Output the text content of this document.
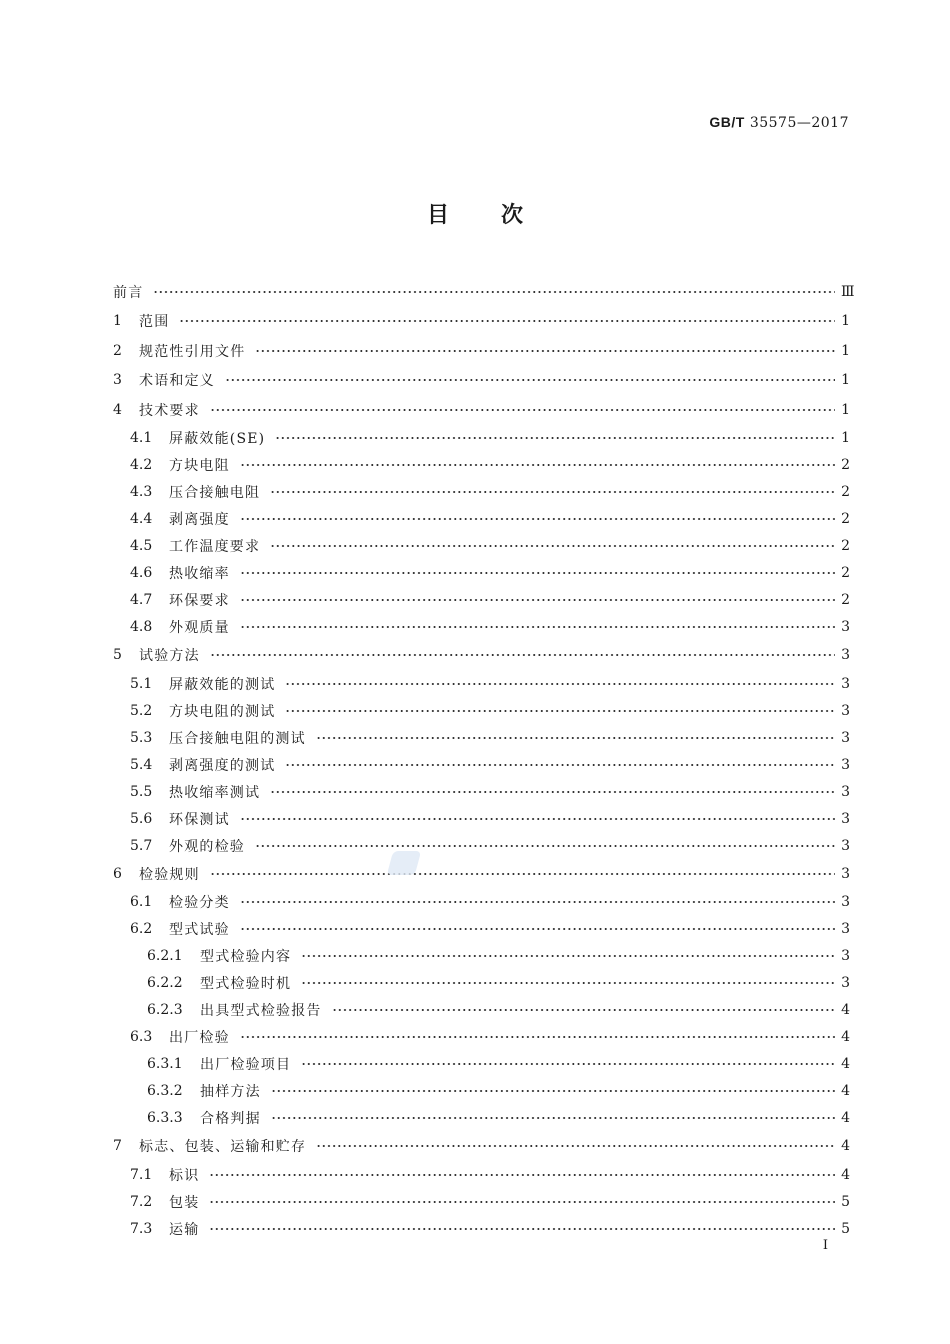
GB/T 35575—2017
目次
前言	Ⅲ
1	范围	1
2	规范性引用文件	1
3	术语和定义	1
4	技术要求	1
4.1	屏蔽效能(SE)	1
4.2	方块电阻	2
4.3	压合接触电阻	2
4.4	剥离强度	2
4.5	工作温度要求	2
4.6	热收缩率	2
4.7	环保要求	2
4.8	外观质量	3
5	试验方法	3
5.1	屏蔽效能的测试	3
5.2	方块电阻的测试	3
5.3	压合接触电阻的测试	3
5.4	剥离强度的测试	3
5.5	热收缩率测试	3
5.6	环保测试	3
5.7	外观的检验	3
6	检验规则	3
6.1	检验分类	3
6.2	型式试验	3
6.2.1	型式检验内容	3
6.2.2	型式检验时机	3
6.2.3	出具型式检验报告	4
6.3	出厂检验	4
6.3.1	出厂检验项目	4
6.3.2	抽样方法	4
6.3.3	合格判据	4
7	标志、包装、运输和贮存	4
7.1	标识	4
7.2	包装	5
7.3	运输	5
I
